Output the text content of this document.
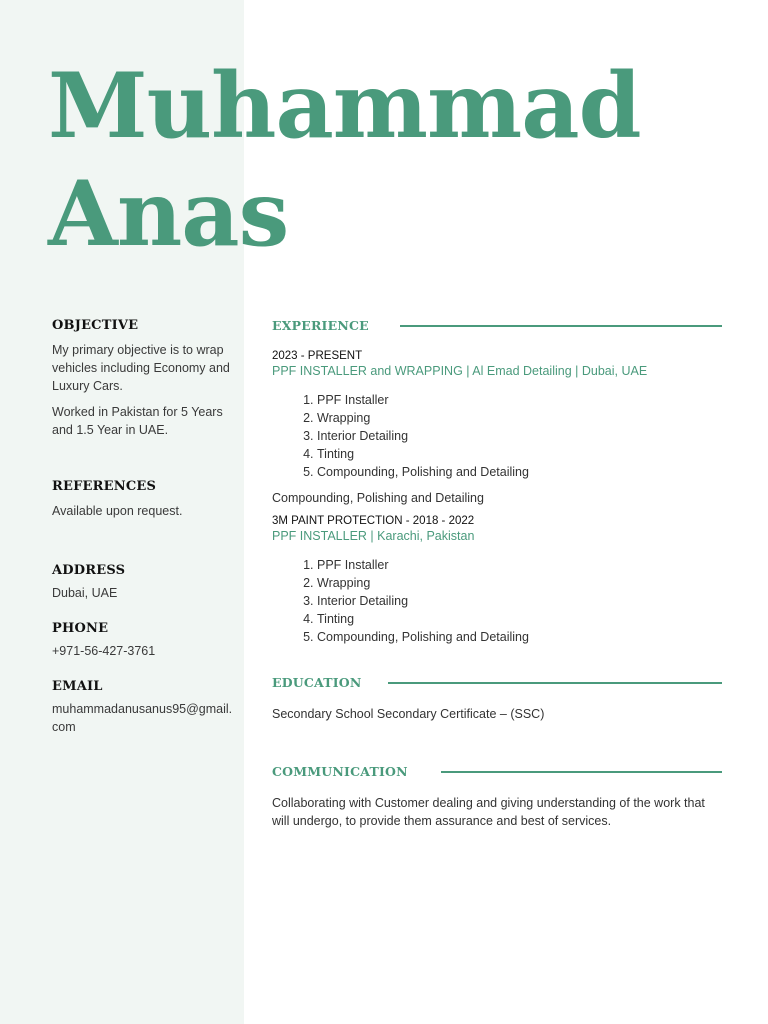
Muhammad
Anas
OBJECTIVE

My primary objective is to wrap vehicles including Economy and Luxury Cars.

Worked in Pakistan for 5 Years and 1.5 Year in UAE.

REFERENCES

Available upon request.

ADDRESS

Dubai, UAE

PHONE

+971-56-427-3761

EMAIL

muhammadanusanus95@gmail.com

EXPERIENCE

2023 - PRESENT

PPF INSTALLER and WRAPPING | Al Emad Detailing | Dubai, UAE

1. PPF Installer
2. Wrapping
3. Interior Detailing
4. Tinting
5. Compounding, Polishing and Detailing

Compounding, Polishing and Detailing

3M PAINT PROTECTION - 2018 - 2022

PPF INSTALLER | Karachi, Pakistan

1. PPF Installer
2. Wrapping
3. Interior Detailing
4. Tinting
5. Compounding, Polishing and Detailing
EDUCATION

Secondary School Secondary Certificate – (SSC)

COMMUNICATION

Collaborating with Customer dealing and giving understanding of the work that will undergo, to provide them assurance and best of services.
